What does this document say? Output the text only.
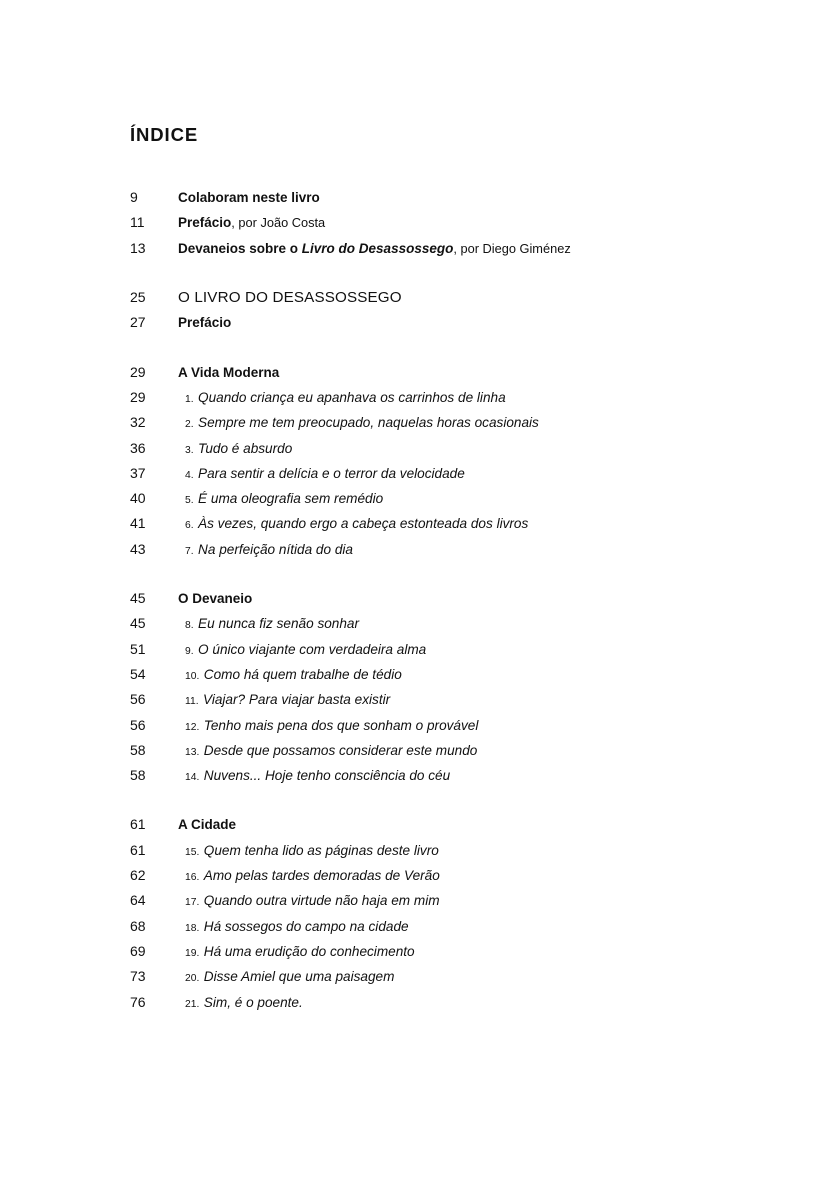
ÍNDICE
9	Colaboram neste livro
11	Prefácio, por João Costa
13	Devaneios sobre o Livro do Desassossego, por Diego Giménez
25	O LIVRO DO DESASSOSSEGO
27	Prefácio
29	A Vida Moderna
29	1. Quando criança eu apanhava os carrinhos de linha
32	2. Sempre me tem preocupado, naquelas horas ocasionais
36	3. Tudo é absurdo
37	4. Para sentir a delícia e o terror da velocidade
40	5. É uma oleografia sem remédio
41	6. Às vezes, quando ergo a cabeça estonteada dos livros
43	7. Na perfeição nítida do dia
45	O Devaneio
45	8. Eu nunca fiz senão sonhar
51	9. O único viajante com verdadeira alma
54	10. Como há quem trabalhe de tédio
56	11. Viajar? Para viajar basta existir
56	12. Tenho mais pena dos que sonham o provável
58	13. Desde que possamos considerar este mundo
58	14. Nuvens... Hoje tenho consciência do céu
61	A Cidade
61	15. Quem tenha lido as páginas deste livro
62	16. Amo pelas tardes demoradas de Verão
64	17. Quando outra virtude não haja em mim
68	18. Há sossegos do campo na cidade
69	19. Há uma erudição do conhecimento
73	20. Disse Amiel que uma paisagem
76	21. Sim, é o poente.
